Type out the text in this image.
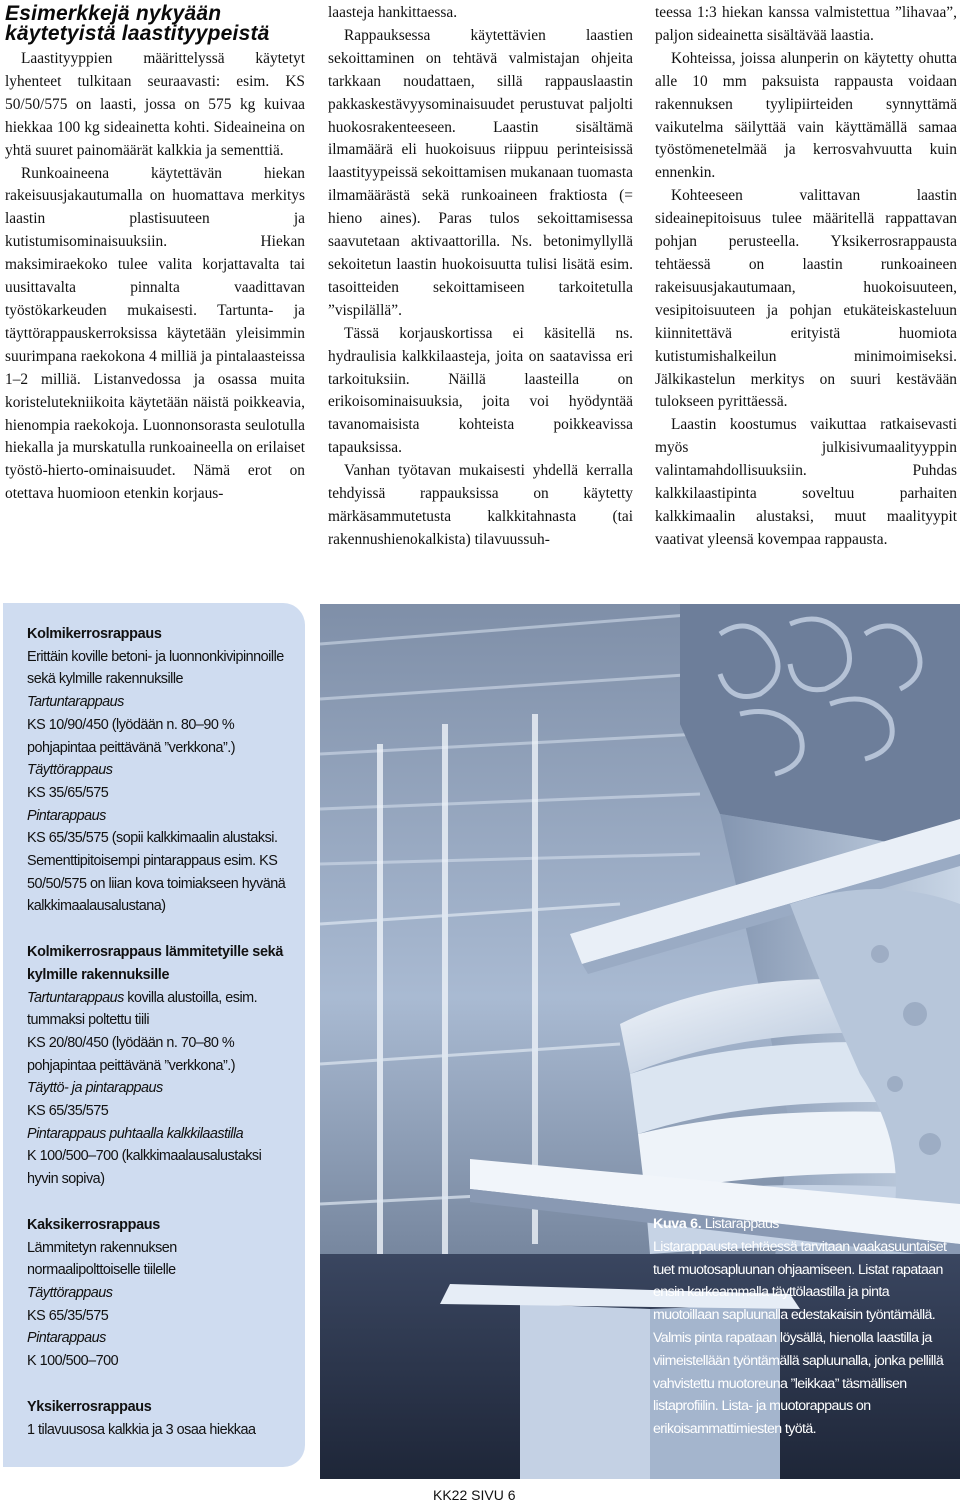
Esimerkkejä nykyään käytetyistä laastityypeistä

Laastityyppien määrittelyssä käytetyt lyhenteet tulkitaan seuraavasti: esim. KS 50/50/575 on laasti, jossa on 575 kg kuivaa hiekkaa 100 kg sideainetta kohti. Sideaineina on yhtä suuret painomäärät kalkkia ja sementtiä.

Runkoaineena käytettävän hiekan rakeisuusjakautumalla on huomattava merkitys laastin plastisuuteen ja kutistumisominaisuuksiin. Hiekan maksimiraekoko tulee valita korjattavalta tai uusittavalta pinnalta vaadittavan työstökarkeuden mukaisesti. Tartunta- ja täyttörappauskerroksissa käytetään yleisimmin suurimpana raekokona 4 milliä ja pintalaasteissa 1–2 milliä. Listanvedossa ja osassa muita koristelutekniikoita käytetään näistä poikkeavia, hienompia raekokoja. Luonnonsorasta seulotulla hiekalla ja murskatulla runkoaineella on erilaiset työstö-hierto-ominaisuudet. Nämä erot on otettava huomioon etenkin korjaus-

laasteja hankittaessa.

Rappauksessa käytettävien laastien sekoittaminen on tehtävä valmistajan ohjeita tarkkaan noudattaen, sillä rappauslaastin pakkaskestävyysominaisuudet perustuvat paljolti huokosrakenteeseen. Laastin sisältämä ilmamäärä eli huokoisuus riippuu perinteisissä laastityypeissä sekoittamisen mukanaan tuomasta ilmamäärästä sekä runkoaineen fraktiosta (= hieno aines). Paras tulos sekoittamisessa saavutetaan aktivaattorilla. Ns. betonimyllyllä sekoitetun laastin huokoisuutta tulisi lisätä esim. tasoitteiden sekoittamiseen tarkoitetulla ”vispilällä”.

Tässä korjauskortissa ei käsitellä ns. hydraulisia kalkkilaasteja, joita on saatavissa eri tarkoituksiin. Näillä laasteilla on erikoisominaisuuksia, joita voi hyödyntää tavanomaisista kohteista poikkeavissa tapauksissa.

Vanhan työtavan mukaisesti yhdellä kerralla tehdyissä rappauksissa on käytetty märkäsammutetusta kalkkitahnasta (tai rakennushienokalkista) tilavuussuh-

teessa 1:3 hiekan kanssa valmistettua ”lihavaa”, paljon sideainetta sisältävää laastia.

Kohteissa, joissa alunperin on käytetty ohutta alle 10 mm paksuista rappausta voidaan rakennuksen tyylipiirteiden synnyttämä vaikutelma säilyttää vain käyttämällä samaa työstömenetelmää ja kerrosvahvuutta kuin ennenkin.

Kohteeseen valittavan laastin sideainepitoisuus tulee määritellä rappattavan pohjan perusteella. Yksikerrosrappausta tehtäessä on laastin runkoaineen rakeisuusjakautumaan, huokoisuuteen, vesipitoisuuteen ja pohjan etukäteiskasteluun kiinnitettävä erityistä huomiota kutistumishalkeilun minimoimiseksi. Jälkikastelun merkitys on suuri kestävään tulokseen pyrittäessä.

Laastin koostumus vaikuttaa ratkaisevasti myös julkisivumaalityyppin valintamahdollisuuksiin. Puhdas kalkkilaastipinta soveltuu parhaiten kalkkimaalin alustaksi, muut maalityypit vaativat yleensä kovempaa rappausta.

Kolmikerrosrappaus
Erittäin koville betoni- ja luonnonkivipinnoille sekä kylmille rakennuksille
Tartuntarappaus
KS 10/90/450 (lyödään n. 80–90 % pohjapintaa peittävänä ”verkkona”.)
Täyttörappaus
KS 35/65/575
Pintarappaus
KS 65/35/575 (sopii kalkkimaalin alustaksi. Sementtipitoisempi pintarappaus esim. KS 50/50/575 on liian kova toimiakseen hyvänä kalkkimaalausalustana)
Kolmikerrosrappaus lämmitetyille sekä kylmille rakennuksille
Tartuntarappaus kovilla alustoilla, esim. tummaksi poltettu tiili
KS 20/80/450 (lyödään n. 70–80 % pohjapintaa peittävänä ”verkkona”.)
Täyttö- ja pintarappaus
KS 65/35/575
Pintarappaus puhtaalla kalkkilaastilla
K 100/500–700 (kalkkimaalausalustaksi hyvin sopiva)
Kaksikerrosrappaus
Lämmitetyn rakennuksen normaalipolttoiselle tiilelle
Täyttörappaus
KS 65/35/575
Pintarappaus
K 100/500–700
Yksikerrosrappaus
1 tilavuusosa kalkkia ja 3 osaa hiekkaa
Kuva 6. Listarappaus
Listarappausta tehtäessä tarvitaan vaakasuuntaiset tuet muotosapluunan ohjaamiseen. Listat rapataan ensin karkeammalla täyttölaastilla ja pinta muotoillaan sapluunalla edestakaisin työntämällä. Valmis pinta rapataan löysällä, hienolla laastilla ja viimeistellään työntämällä sapluunalla, jonka pellillä vahvistettu muotoreuna ”leikkaa” täsmällisen listaprofiilin. Lista- ja muotorappaus on erikoisammattimiesten työtä.
KK22 SIVU 6
